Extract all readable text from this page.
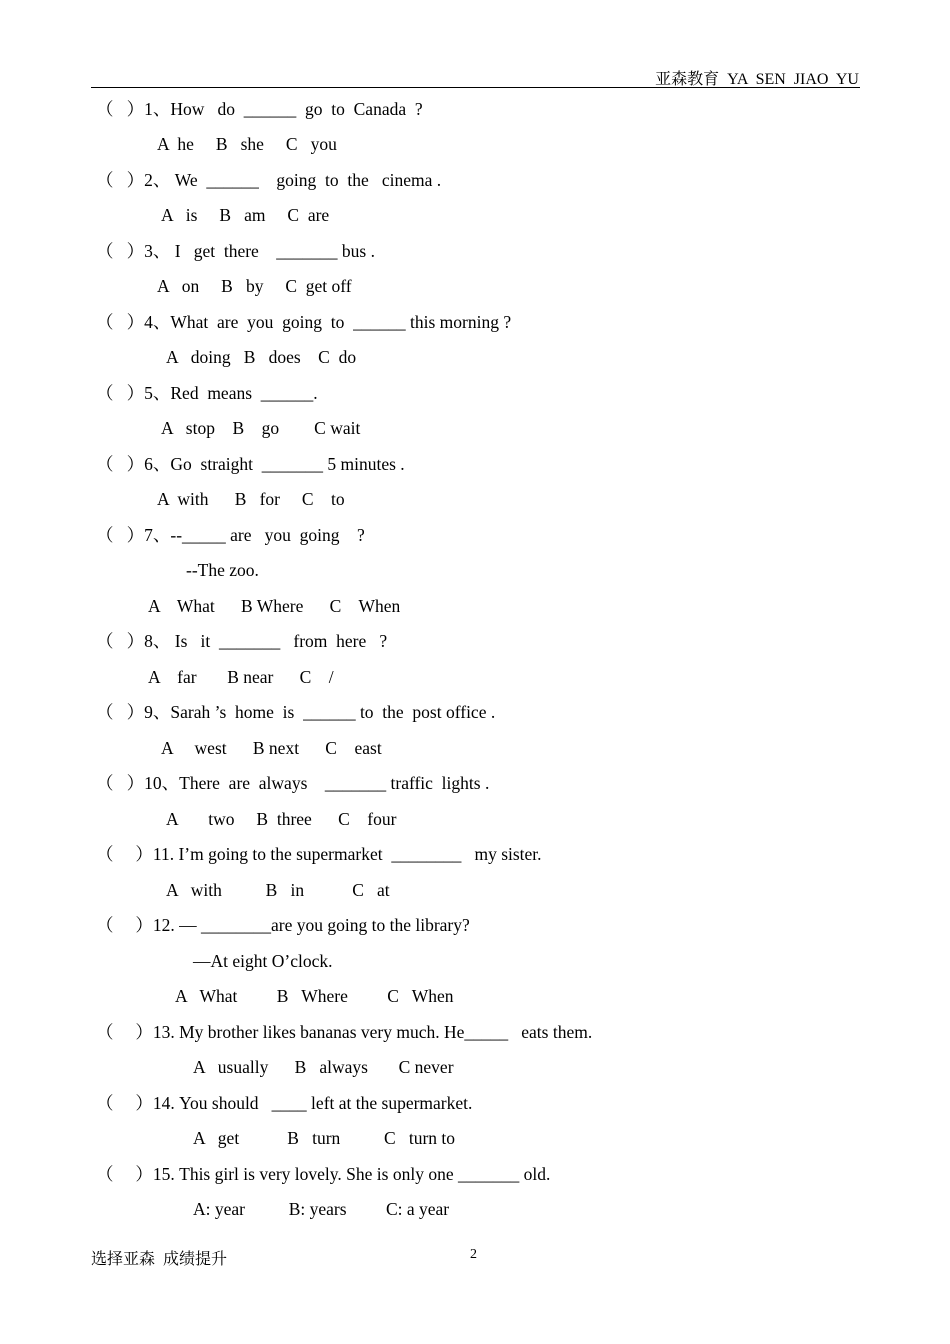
亚森教育  YA  SEN  JIAO  YU
（   ）1、How   do  ______  go  to  Canada  ?
A  he     B   she     C   you
（   ）2、 We  ______    going  to  the   cinema .
A   is     B   am     C  are
（   ）3、 I   get  there    _______ bus .
A   on     B   by     C  get off
（   ）4、What  are  you  going  to  ______ this morning ?
A   doing   B   does    C  do
（   ）5、Red  means  ______.
A   stop    B    go        C wait
（   ）6、Go  straight  _______ 5 minutes .
A  with      B   for     C    to
（   ）7、--_____ are   you  going    ?
--The zoo.
A    What      B Where      C    When
（   ）8、 Is   it  _______   from  here   ?
A    far       B near      C    /
（   ）9、Sarah ’s  home  is  ______ to  the  post office .
A     west      B next      C    east
（   ）10、There  are  always    _______ traffic  lights .
A       two     B  three      C    four
（     ）11. I’m going to the supermarket  ________   my sister.
A   with          B   in           C   at
（     ）12. — ________are you going to the library?
—At eight O’clock.
A   What         B   Where         C   When
（     ）13. My brother likes bananas very much. He_____   eats them.
A   usually      B   always       C never
（     ）14. You should   ____ left at the supermarket.
A   get           B   turn          C   turn to
（     ）15. This girl is very lovely. She is only one _______ old.
A: year          B: years         C: a year
选择亚森  成绩提升	2
